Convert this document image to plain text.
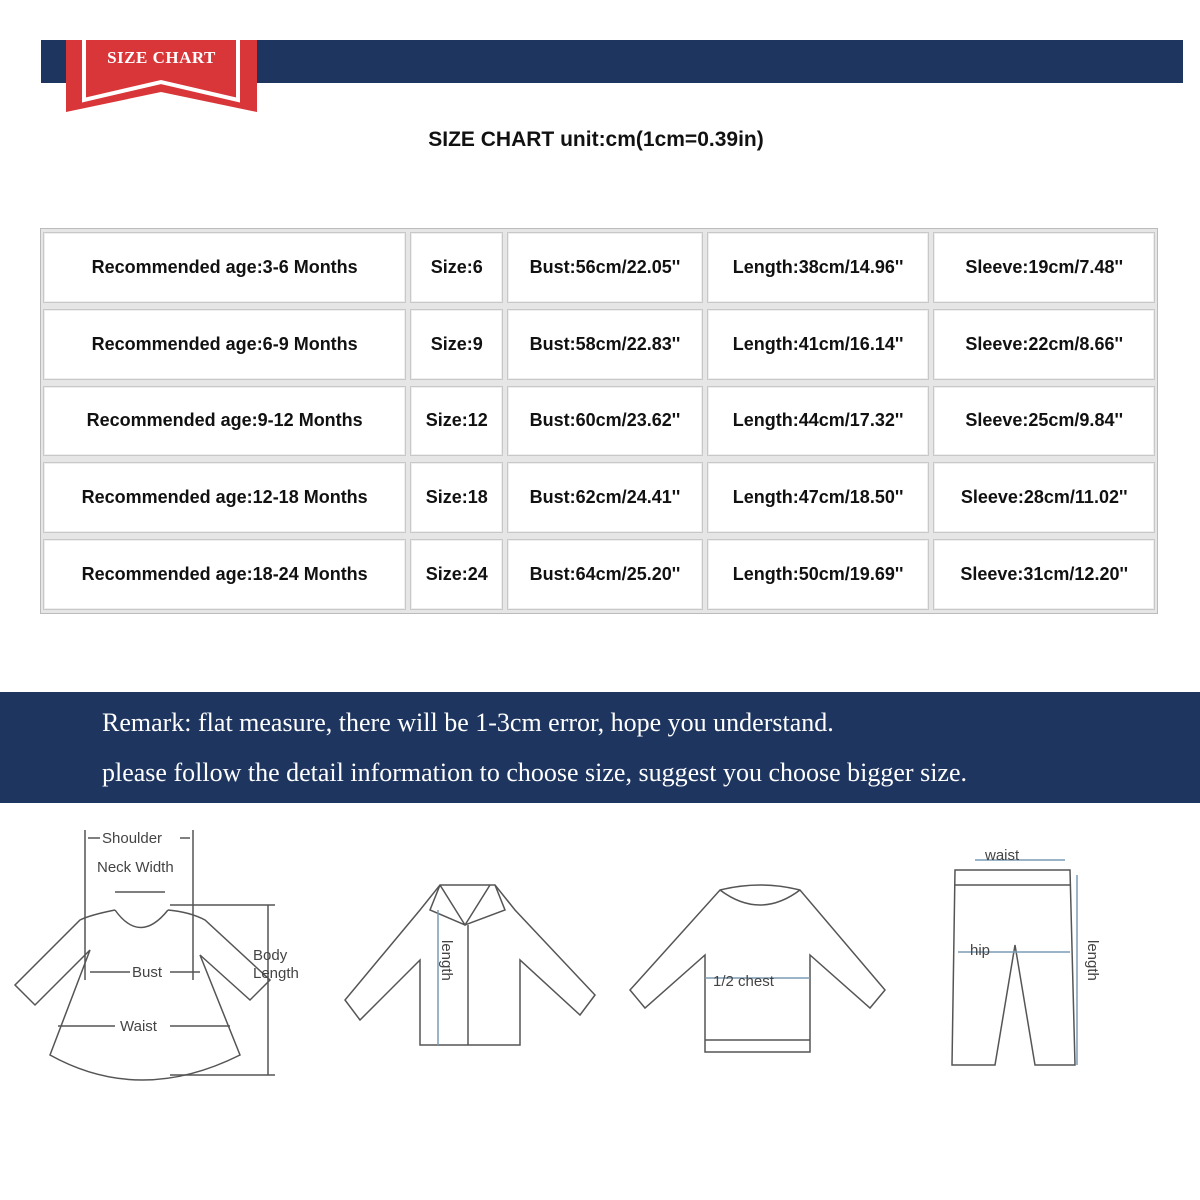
SIZE CHART
SIZE CHART unit:cm(1cm=0.39in)
Recommended age:3-6 Months	Size:6	Bust:56cm/22.05''	Length:38cm/14.96''	Sleeve:19cm/7.48''
Recommended age:6-9 Months	Size:9	Bust:58cm/22.83''	Length:41cm/16.14''	Sleeve:22cm/8.66''
Recommended age:9-12 Months	Size:12	Bust:60cm/23.62''	Length:44cm/17.32''	Sleeve:25cm/9.84''
Recommended age:12-18 Months	Size:18	Bust:62cm/24.41''	Length:47cm/18.50''	Sleeve:28cm/11.02''
Recommended age:18-24 Months	Size:24	Bust:64cm/25.20''	Length:50cm/19.69''	Sleeve:31cm/12.20''
Remark: flat measure, there will be 1-3cm error, hope you understand.
please follow the detail information to choose size, suggest you choose bigger size.
Shoulder
Neck Width
Bust
Waist
Body
Length	length
1/2 chest
waist
hip	length
